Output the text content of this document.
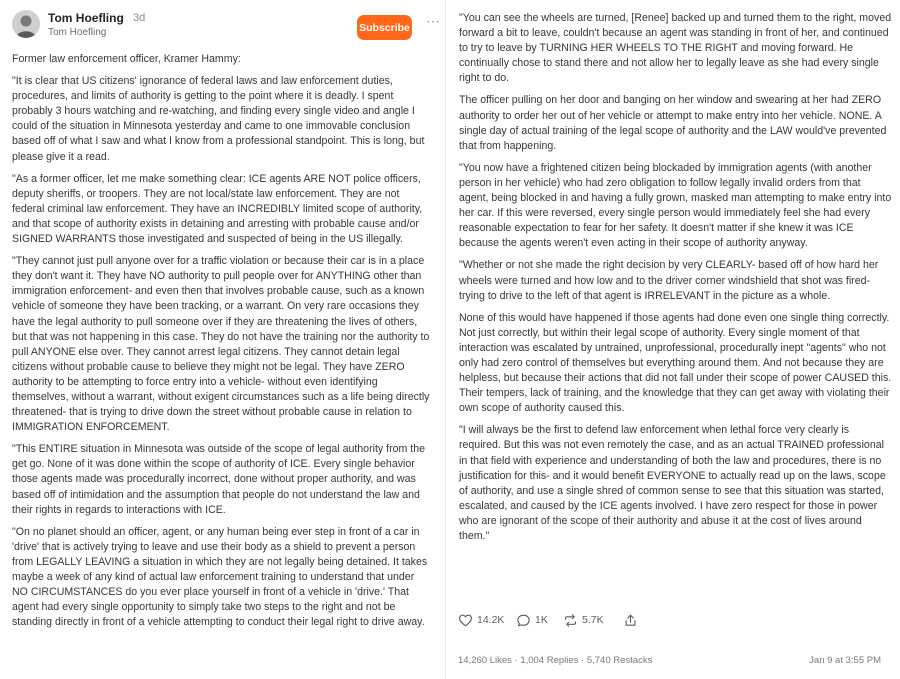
Tom Hoefling 3d
Tom Hoefling	Subscribe ⋯

Former law enforcement officer, Kramer Hammy:

"It is clear that US citizens' ignorance of federal laws and law enforcement duties, procedures, and limits of authority is getting to the point where it is deadly. I spent probably 3 hours watching and re-watching, and finding every single video and angle I could of the situation in Minnesota yesterday and came to one immovable conclusion based off of what I saw and what I know from a professional standpoint. This is long, but please give it a read.

"As a former officer, let me make something clear: ICE agents ARE NOT police officers, deputy sheriffs, or troopers. They are not local/state law enforcement. They are not federal criminal law enforcement. They have an INCREDIBLY limited scope of authority, and that scope of authority exists in detaining and arresting with probable cause and/or SIGNED WARRANTS those investigated and suspected of being in the US illegally.

"They cannot just pull anyone over for a traffic violation or because their car is in a place they don't want it. They have NO authority to pull people over for ANYTHING other than immigration enforcement- and even then that involves probable cause, such as a known vehicle of someone they have been tracking, or a warrant. On very rare occasions they have the legal authority to pull someone over if they are threatening the lives of others, but that was not happening in this case. They do not have the training nor the authority to pull ANYONE else over. They cannot arrest legal citizens. They cannot detain legal citizens without probable cause to believe they might not be legal. They have ZERO authority to be attempting to force entry into a vehicle- without even identifying themselves, without a warrant, without exigent circumstances such as a life being directly threatened- that is trying to drive down the street without probable cause in relation to IMMIGRATION ENFORCEMENT.

"This ENTIRE situation in Minnesota was outside of the scope of legal authority from the get go. None of it was done within the scope of authority of ICE. Every single behavior those agents made was procedurally incorrect, done without proper authority, and was based off of intimidation and the assumption that people do not understand the law and their rights in regards to interactions with ICE.

"On no planet should an officer, agent, or any human being ever step in front of a car in 'drive' that is actively trying to leave and use their body as a shield to prevent a person from LEGALLY LEAVING a situation in which they are not legally being detained. It takes maybe a week of any kind of actual law enforcement training to understand that under NO CIRCUMSTANCES do you ever place yourself in front of a vehicle in 'drive.' That agent had every single opportunity to simply take two steps to the right and not be standing directly in front of a vehicle attempting to conduct their legal right to drive away.

"You can see the wheels are turned, [Renee] backed up and turned them to the right, moved forward a bit to leave, couldn't because an agent was standing in front of her, and continued to try to leave by TURNING HER WHEELS TO THE RIGHT and moving forward. He continually chose to stand there and not allow her to legally leave as she had every single right to do.

The officer pulling on her door and banging on her window and swearing at her had ZERO authority to order her out of her vehicle or attempt to make entry into her vehicle. NONE. A single day of actual training of the legal scope of authority and the LAW would've prevented that from happening.

"You now have a frightened citizen being blockaded by immigration agents (with another person in her vehicle) who had zero obligation to follow legally invalid orders from that agent, being blocked in and having a fully grown, masked man attempting to make entry into her car. If this were reversed, every single person would immediately feel she had every reasonable expectation to fear for her safety. It doesn't matter if she knew it was ICE because the agents weren't even acting in their scope of authority anyway.

"Whether or not she made the right decision by very CLEARLY- based off of how hard her wheels were turned and how low and to the driver corner windshield that shot was fired- trying to drive to the left of that agent is IRRELEVANT in the picture as a whole.

None of this would have happened if those agents had done even one single thing correctly. Not just correctly, but within their legal scope of authority. Every single moment of that interaction was escalated by untrained, unprofessional, procedurally inept "agents" who not only had zero control of themselves but everything around them. And not because they are helpless, but because their actions that did not fall under their scope of power CAUSED this. Their tempers, lack of training, and the knowledge that they can get away with violating their own scope of authority caused this.

"I will always be the first to defend law enforcement when lethal force very clearly is required. But this was not even remotely the case, and as an actual TRAINED professional in that field with experience and understanding of both the law and procedures, there is no justification for this- and it would benefit EVERYONE to actually read up on the laws, scope of authority, and use a single shred of common sense to see that this situation was started, escalated, and caused by the ICE agents involved. I have zero respect for those in power who are ignorant of the scope of their authority and abuse it at the cost of lives around them."

14.2K	1K	5.7K
14,260 Likes · 1,004 Replies · 5,740 Restacks	Jan 9 at 3:55 PM
